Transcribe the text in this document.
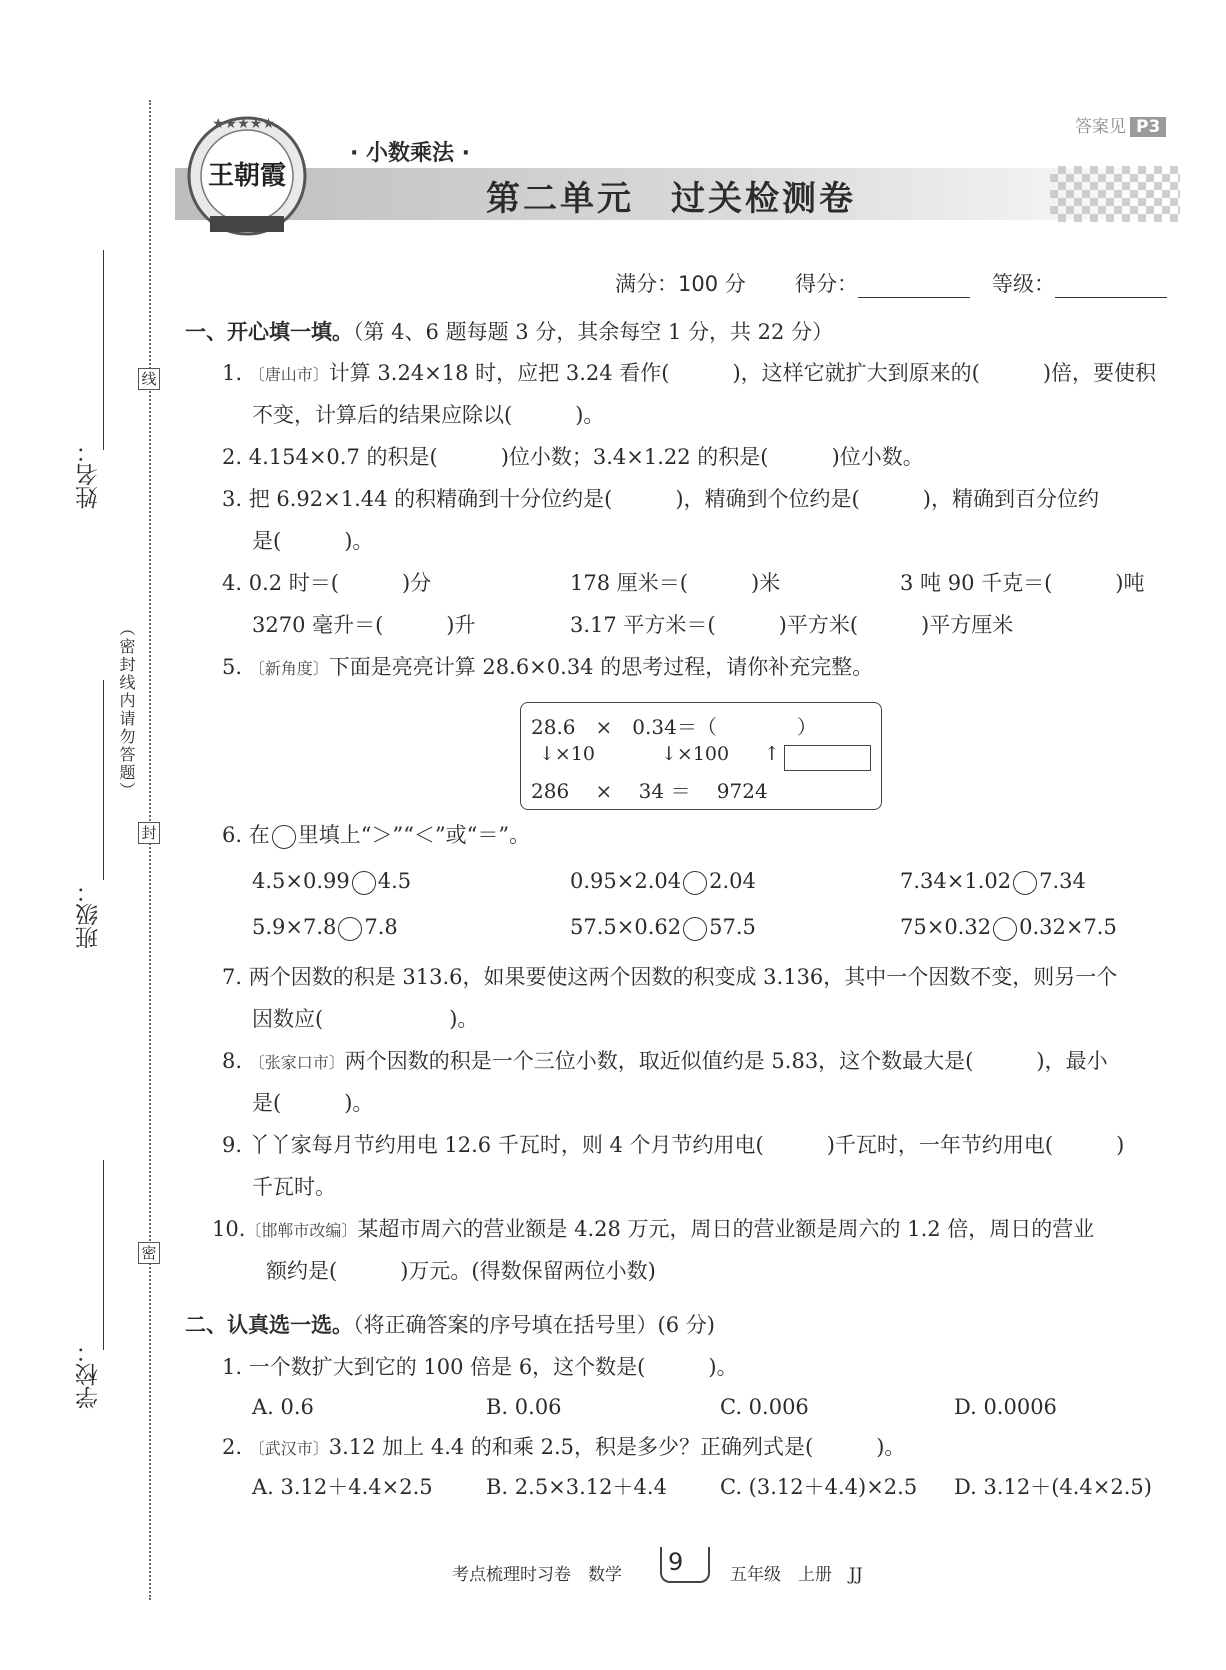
线
封
密
（密封线内请勿答题）
姓名：
班级：
学校：
★★★★★
王朝霞
· 小数乘法 ·
第二单元　过关检测卷
答案见 P3
满分：100 分 得分：	等级：
一、开心填一填。（第 4、6 题每题 3 分，其余每空 1 分，共 22 分）
1. 〔唐山市〕计算 3.24×18 时，应把 3.24 看作(　　　)，这样它就扩大到原来的(　　　)倍，要使积
不变，计算后的结果应除以(　　　)。
2. 4.154×0.7 的积是(　　　)位小数；3.4×1.22 的积是(　　　)位小数。
3. 把 6.92×1.44 的积精确到十分位约是(　　　)，精确到个位约是(　　　)，精确到百分位约
是(　　　)。
4. 0.2 时＝(　　　)分	178 厘米＝(　　　)米	3 吨 90 千克＝(　　　)吨
3270 毫升＝(　　　)升	3.17 平方米＝(　　　)平方米(　　　)平方厘米
5. 〔新角度〕下面是亮亮计算 28.6×0.34 的思考过程，请你补充完整。
28.6　×　0.34＝（　　　　）
↓×10	↓×100 ↑
286　 ×　 34 ＝　 9724
6. 在 里填上“＞”“＜”或“＝”。
4.5×0.99 4.5	0.95×2.04 2.04	7.34×1.02 7.34
5.9×7.8 7.8	57.5×0.62 57.5	75×0.32 0.32×7.5
7. 两个因数的积是 313.6，如果要使这两个因数的积变成 3.136，其中一个因数不变，则另一个
因数应(　　　　　　)。
8. 〔张家口市〕两个因数的积是一个三位小数，取近似值约是 5.83，这个数最大是(　　　)，最小
是(　　　)。
9. 丫丫家每月节约用电 12.6 千瓦时，则 4 个月节约用电(　　　)千瓦时，一年节约用电(　　　)
千瓦时。
10.〔邯郸市改编〕某超市周六的营业额是 4.28 万元，周日的营业额是周六的 1.2 倍，周日的营业
额约是(　　　)万元。(得数保留两位小数)
二、认真选一选。（将正确答案的序号填在括号里）(6 分)
1. 一个数扩大到它的 100 倍是 6，这个数是(　　　)。
A. 0.6	B. 0.06	C. 0.006	D. 0.0006
2. 〔武汉市〕3.12 加上 4.4 的和乘 2.5，积是多少？正确列式是(　　　)。
A. 3.12＋4.4×2.5	B. 2.5×3.12＋4.4	C. (3.12＋4.4)×2.5 D. 3.12＋(4.4×2.5)
考点梳理时习卷　数学 9	五年级　上册　JJ
